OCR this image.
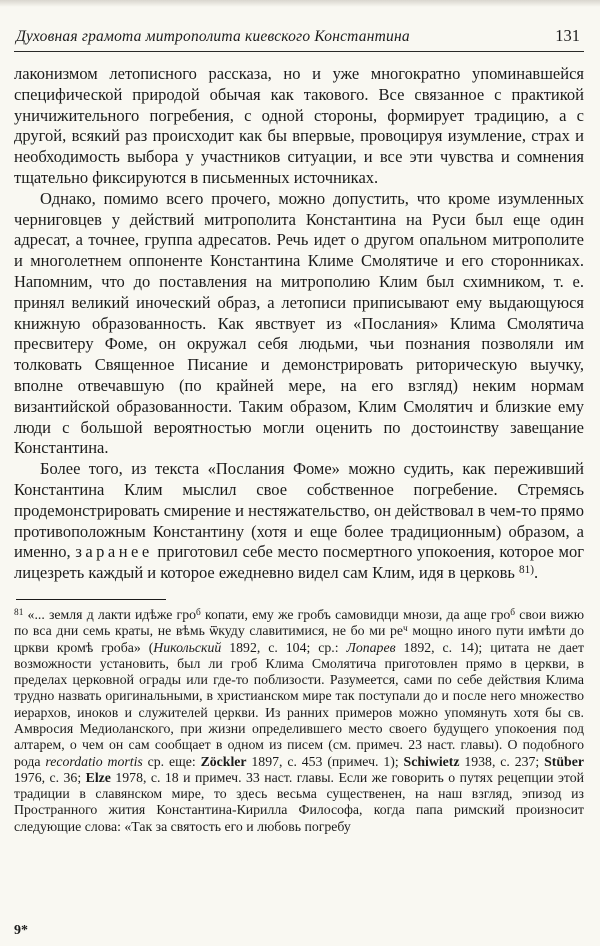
Духовная грамота митрополита киевского Константина	131

лаконизмом летописного рассказа, но и уже многократно упоминавшейся специфической природой обычая как такового. Все связанное с практикой уничижительного погребения, с одной стороны, формирует традицию, а с другой, всякий раз происходит как бы впервые, провоцируя изумление, страх и необходимость выбора у участников ситуации, и все эти чувства и сомнения тщательно фиксируются в письменных источниках.

Однако, помимо всего прочего, можно допустить, что кроме изумленных черниговцев у действий митрополита Константина на Руси был еще один адресат, а точнее, группа адресатов. Речь идет о другом опальном митрополите и многолетнем оппоненте Константина Климе Смолятиче и его сторонниках. Напомним, что до поставления на митрополию Клим был схимником, т. е. принял великий иноческий образ, а летописи приписывают ему выдающуюся книжную образованность. Как явствует из «Послания» Клима Смолятича пресвитеру Фоме, он окружал себя людьми, чьи познания позволяли им толковать Священное Писание и демонстрировать риторическую выучку, вполне отвечавшую (по крайней мере, на его взгляд) неким нормам византийской образованности. Таким образом, Клим Смолятич и близкие ему люди с большой вероятностью могли оценить по достоинству завещание Константина.

Более того, из текста «Послания Фоме» можно судить, как переживший Константина Клим мыслил свое собственное погребение. Стремясь продемонстрировать смирение и нестяжательство, он действовал в чем-то прямо противоположным Константину (хотя и еще более традиционным) образом, а именно, заранее приготовил себе место посмертного упокоения, которое мог лицезреть каждый и которое ежедневно видел сам Клим, идя в церковь $^{81)}$.

$^{81}$ «... земля д лакти идѣже гро$^б$ копати, ему же гробъ самовидци мнози, да аще гро$^б$ свои вижю по вса дни семь краты, не вѣмь ѿкуду славитимися, не бо ми $ре^ч$ мощно иного пути имѣти до цркви кромѣ гроба» (Никольский 1892, с. 104; ср.: Лопарев 1892, с. 14); цитата не дает возможности установить, был ли гроб Клима Смолятича приготовлен прямо в церкви, в пределах церковной ограды или где-то поблизости. Разумеется, сами по себе действия Клима трудно назвать оригинальными, в христианском мире так поступали до и после него множество иерархов, иноков и служителей церкви. Из ранних примеров можно упомянуть хотя бы св. Амвросия Медиоланского, при жизни определившего место своего будущего упокоения под алтарем, о чем он сам сообщает в одном из писем (см. примеч. 23 наст. главы). О подобного рода recordatio mortis ср. еще: Zöckler 1897, с. 453 (примеч. 1); Schiwietz 1938, с. 237; Stüber 1976, с. 36; Elze 1978, с. 18 и примеч. 33 наст. главы. Если же говорить о путях рецепции этой традиции в славянском мире, то здесь весьма существенен, на наш взгляд, эпизод из Пространного жития Константина-Кирилла Философа, когда папа римский произносит следующие слова: «Так за святость его и любовь погребу
9*
